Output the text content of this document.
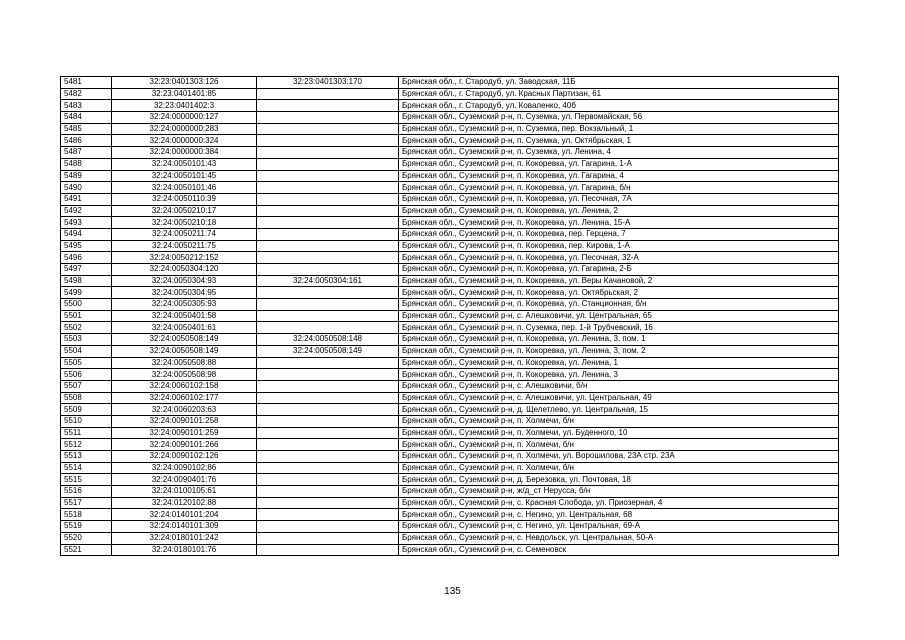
5481	32:23:0401303:126	32:23:0401303:170	Брянская обл., г. Стародуб, ул. Заводская, 11Б
5482	32:23:0401401:85		Брянская обл., г. Стародуб, ул. Красных Партизан, 61
5483	32:23:0401402:3		Брянская обл., г. Стародуб, ул. Коваленко, 40б
5484	32:24:0000000:127		Брянская обл., Суземский р-н, п. Суземка, ул. Первомайская, 56
5485	32:24:0000000:283		Брянская обл., Суземский р-н, п. Суземка, пер. Вокзальный, 1
5486	32:24:0000000:324		Брянская обл., Суземский р-н, п. Суземка, ул. Октябрьская, 1
5487	32:24:0000000:384		Брянская обл., Суземский р-н, п. Суземка, ул. Ленина, 4
5488	32:24:0050101:43		Брянская обл., Суземский р-н, п. Кокоревка, ул. Гагарина, 1-А
5489	32:24:0050101:45		Брянская обл., Суземский р-н, п. Кокоревка, ул. Гагарина, 4
5490	32:24:0050101:46		Брянская обл., Суземский р-н, п. Кокоревка, ул. Гагарина, б/н
5491	32:24:0050110:39		Брянская обл., Суземский р-н, п. Кокоревка, ул. Песочная, 7А
5492	32:24:0050210:17		Брянская обл., Суземский р-н, п. Кокоревка, ул. Ленина, 2
5493	32:24:0050210:18		Брянская обл., Суземский р-н, п. Кокоревка, ул. Ленина, 15-А
5494	32:24:0050211:74		Брянская обл., Суземский р-н, п. Кокоревка, пер. Герцена, 7
5495	32:24:0050211:75		Брянская обл., Суземский р-н, п. Кокоревка, пер. Кирова, 1-А
5496	32:24:0050212:152		Брянская обл., Суземский р-н, п. Кокоревка, ул. Песочная, 32-А
5497	32:24:0050304:120		Брянская обл., Суземский р-н, п. Кокоревка, ул. Гагарина, 2-Б
5498	32:24:0050304:93	32:24:0050304:161	Брянская обл., Суземский р-н, п. Кокоревка, ул. Веры Качановой, 2
5499	32:24:0050304:95		Брянская обл., Суземский р-н, п. Кокоревка, ул. Октябрьская, 2
5500	32:24:0050305:93		Брянская обл., Суземский р-н, п. Кокоревка, ул. Станционная, б/н
5501	32:24:0050401:58		Брянская обл., Суземский р-н, с. Алешковичи, ул. Центральная, 65
5502	32:24:0050401:61		Брянская обл., Суземский р-н, п. Суземка, пер. 1-й Трубчевский, 16
5503	32:24:0050508:149	32:24:0050508:148	Брянская обл., Суземский р-н, п. Кокоревка, ул. Ленина, 3, пом. 1
5504	32:24:0050508:149	32:24:0050508:149	Брянская обл., Суземский р-н, п. Кокоревка, ул. Ленина, 3, пом. 2
5505	32:24:0050508:88		Брянская обл., Суземский р-н, п. Кокоревка, ул. Ленина, 1
5506	32:24:0050508:98		Брянская обл., Суземский р-н, п. Кокоревка, ул. Ленина, 3
5507	32:24:0060102:158		Брянская обл., Суземский р-н, с. Алешковичи, б/н
5508	32:24:0060102:177		Брянская обл., Суземский р-н, с. Алешковичи, ул. Центральная, 49
5509	32:24:0060203:63		Брянская обл., Суземский р-н, д. Щелетлево, ул. Центральная, 15
5510	32:24:0090101:258		Брянская обл., Суземский р-н, п. Холмечи, б/н
5511	32:24:0090101:259		Брянская обл., Суземский р-н, п. Холмечи, ул. Буденного, 10
5512	32:24:0090101:266		Брянская обл., Суземский р-н, п. Холмечи, б/н
5513	32:24:0090102:126		Брянская обл., Суземский р-н, п. Холмечи, ул. Ворошилова, 23А стр. 23А
5514	32:24:0090102:86		Брянская обл., Суземский р-н, п. Холмечи, б/н
5515	32:24:0090401:76		Брянская обл., Суземский р-н, д. Березовка, ул. Почтовая, 18
5516	32:24:0100105:61		Брянская обл., Суземский р-н, ж/д_ст Нерусса, б/н
5517	32:24:0120102:88		Брянская обл., Суземский р-н, с. Красная Слобода, ул. Приозерная, 4
5518	32:24:0140101:204		Брянская обл., Суземский р-н, с. Негино, ул. Центральная, 68
5519	32:24:0140101:309		Брянская обл., Суземский р-н, с. Негино, ул. Центральная, 69-А
5520	32:24:0180101:242		Брянская обл., Суземский р-н, с. Невдольск, ул. Центральная, 50-А
5521	32:24:0180101:76		Брянская обл., Суземский р-н, с. Семеновск
135
